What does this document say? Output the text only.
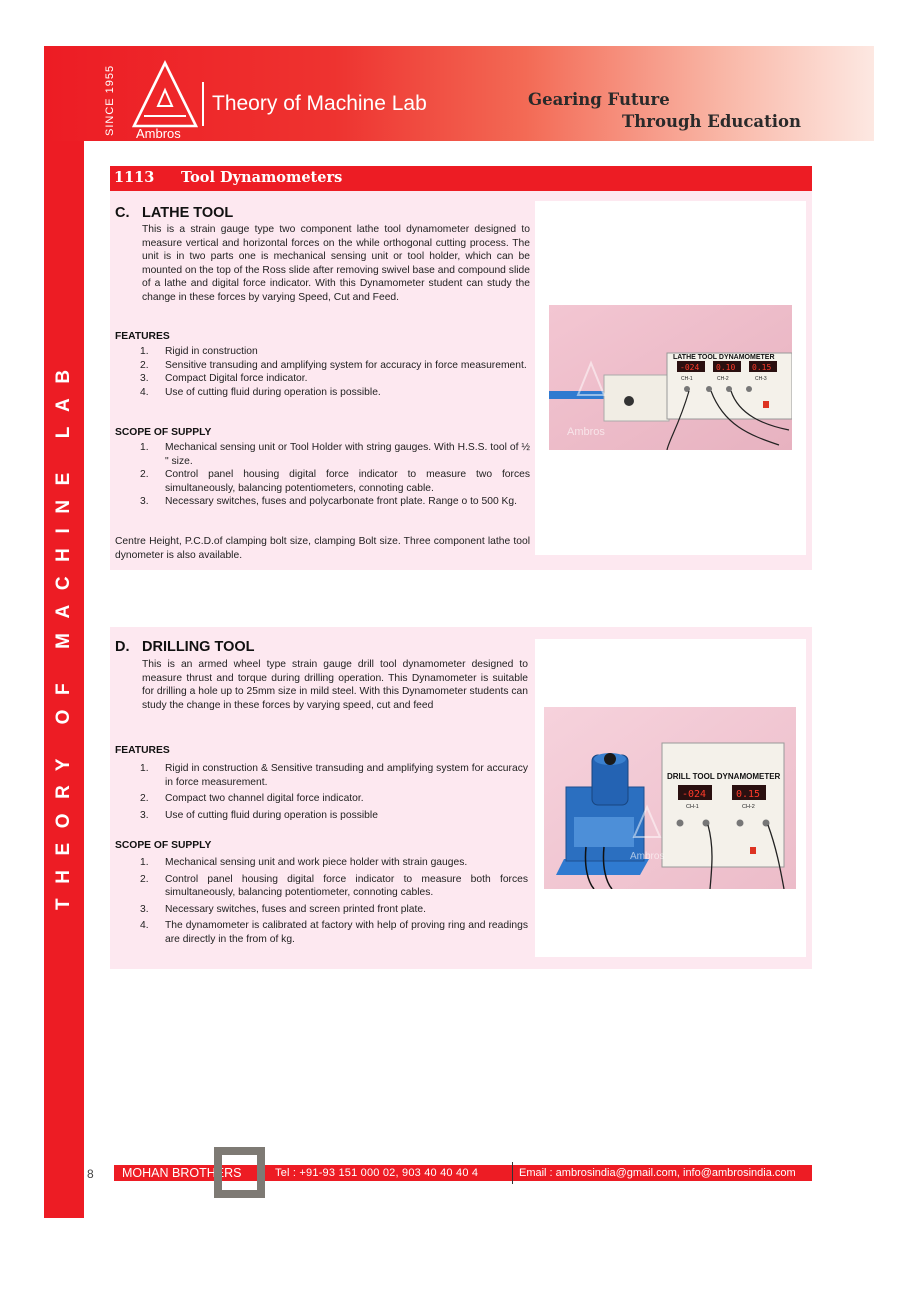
THEORY OF MACHINE LAB
SINCE 1955 Ambros
Theory of Machine Lab	Gearing Future
Through Education
1113 Tool Dynamometers
LATHE TOOL DYNAMOMETER
-024 0.10 0.15
CH-1	CH-2	CH-3
Ambros
C. LATHE TOOL
This is a strain gauge type two component lathe tool dynamometer designed to measure vertical and horizontal forces on the while orthogonal cutting process. The unit is in two parts one is mechanical sensing unit or tool holder, which can be mounted on the top of the Ross slide after removing swivel base and compound slide of a lathe and digital force indicator. With this Dynamometer student can study the change in these forces by varying Speed, Cut and Feed.
FEATURES
1. Rigid in construction
2. Sensitive transuding and amplifying system for accuracy in force measurement.
3. Compact Digital force indicator.
4. Use of cutting fluid during operation is possible.
SCOPE OF SUPPLY
1. Mechanical sensing unit or Tool Holder with string gauges. With H.S.S. tool of ½ " size.
2. Control panel housing digital force indicator to measure two forces simultaneously, balancing potentiometers, connoting cable.
3. Necessary switches, fuses and polycarbonate front plate. Range o to 500 Kg.
Centre Height, P.C.D.of clamping bolt size, clamping Bolt size. Three component lathe tool dynometer is also available.
DRILL TOOL DYNAMOMETER
-024	0.15
CH-1	CH-2
Ambros
D. DRILLING TOOL
This is an armed wheel type strain gauge drill tool dynamometer designed to measure thrust and torque during drilling operation. This Dynamometer is suitable for drilling a hole up to 25mm size in mild steel. With this Dynamometer students can study the change in these forces by varying speed, cut and feed
FEATURES
1. Rigid in construction & Sensitive transuding and amplifying system for accuracy in force measurement.
2. Compact two channel digital force indicator.
3. Use of cutting fluid during operation is possible
SCOPE OF SUPPLY
1. Mechanical sensing unit and work piece holder with strain gauges.
2. Control panel housing digital force indicator to measure both forces simultaneously, balancing potentiometer, connoting cables.
3. Necessary switches, fuses and screen printed front plate.
4. The dynamometer is calibrated at factory with help of proving ring and readings are directly in the from of kg.
8 MOHAN BROTHERS	Tel : +91-93 151 000 02, 903 40 40 40 4	Email : ambrosindia@gmail.com, info@ambrosindia.com
